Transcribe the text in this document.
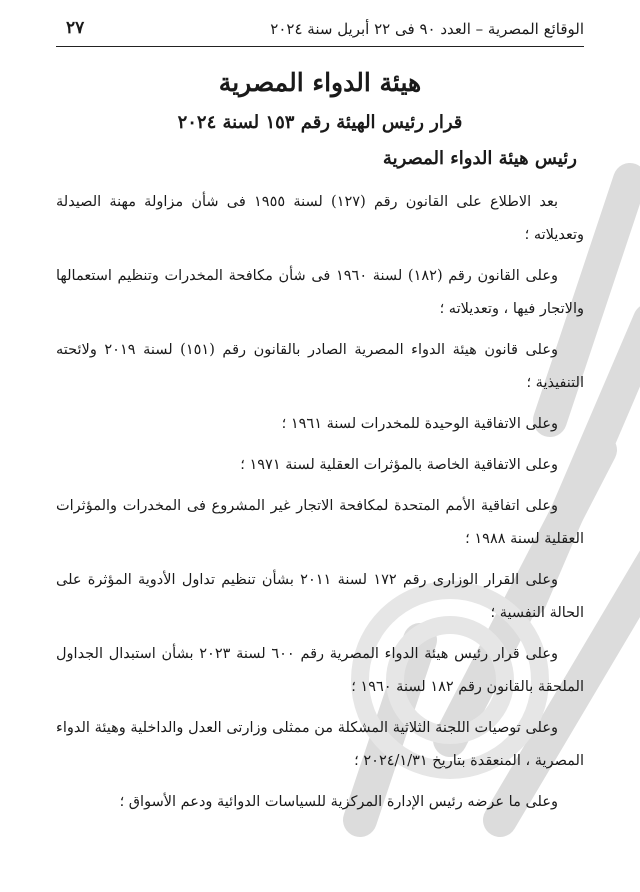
الوقائع المصرية – العدد ٩٠ فى ٢٢ أبريل سنة ٢٠٢٤
٢٧
هيئة الدواء المصرية
قرار رئيس الهيئة رقم ١٥٣ لسنة ٢٠٢٤
رئيس هيئة الدواء المصرية

بعد الاطلاع على القانون رقم (١٢٧) لسنة ١٩٥٥ فى شأن مزاولة مهنة الصيدلة وتعديلاته ؛

وعلى القانون رقم (١٨٢) لسنة ١٩٦٠ فى شأن مكافحة المخدرات وتنظيم استعمالها والاتجار فيها ، وتعديلاته ؛

وعلى قانون هيئة الدواء المصرية الصادر بالقانون رقم (١٥١) لسنة ٢٠١٩ ولائحته التنفيذية ؛

وعلى الاتفاقية الوحيدة للمخدرات لسنة ١٩٦١ ؛

وعلى الاتفاقية الخاصة بالمؤثرات العقلية لسنة ١٩٧١ ؛

وعلى اتفاقية الأمم المتحدة لمكافحة الاتجار غير المشروع فى المخدرات والمؤثرات العقلية لسنة ١٩٨٨ ؛

وعلى القرار الوزارى رقم ١٧٢ لسنة ٢٠١١ بشأن تنظيم تداول الأدوية المؤثرة على الحالة النفسية ؛

وعلى قرار رئيس هيئة الدواء المصرية رقم ٦٠٠ لسنة ٢٠٢٣ بشأن استبدال الجداول الملحقة بالقانون رقم ١٨٢ لسنة ١٩٦٠ ؛

وعلى توصيات اللجنة الثلاثية المشكلة من ممثلى وزارتى العدل والداخلية وهيئة الدواء المصرية ، المنعقدة بتاريخ ٢٠٢٤/١/٣١ ؛

وعلى ما عرضه رئيس الإدارة المركزية للسياسات الدوائية ودعم الأسواق ؛
